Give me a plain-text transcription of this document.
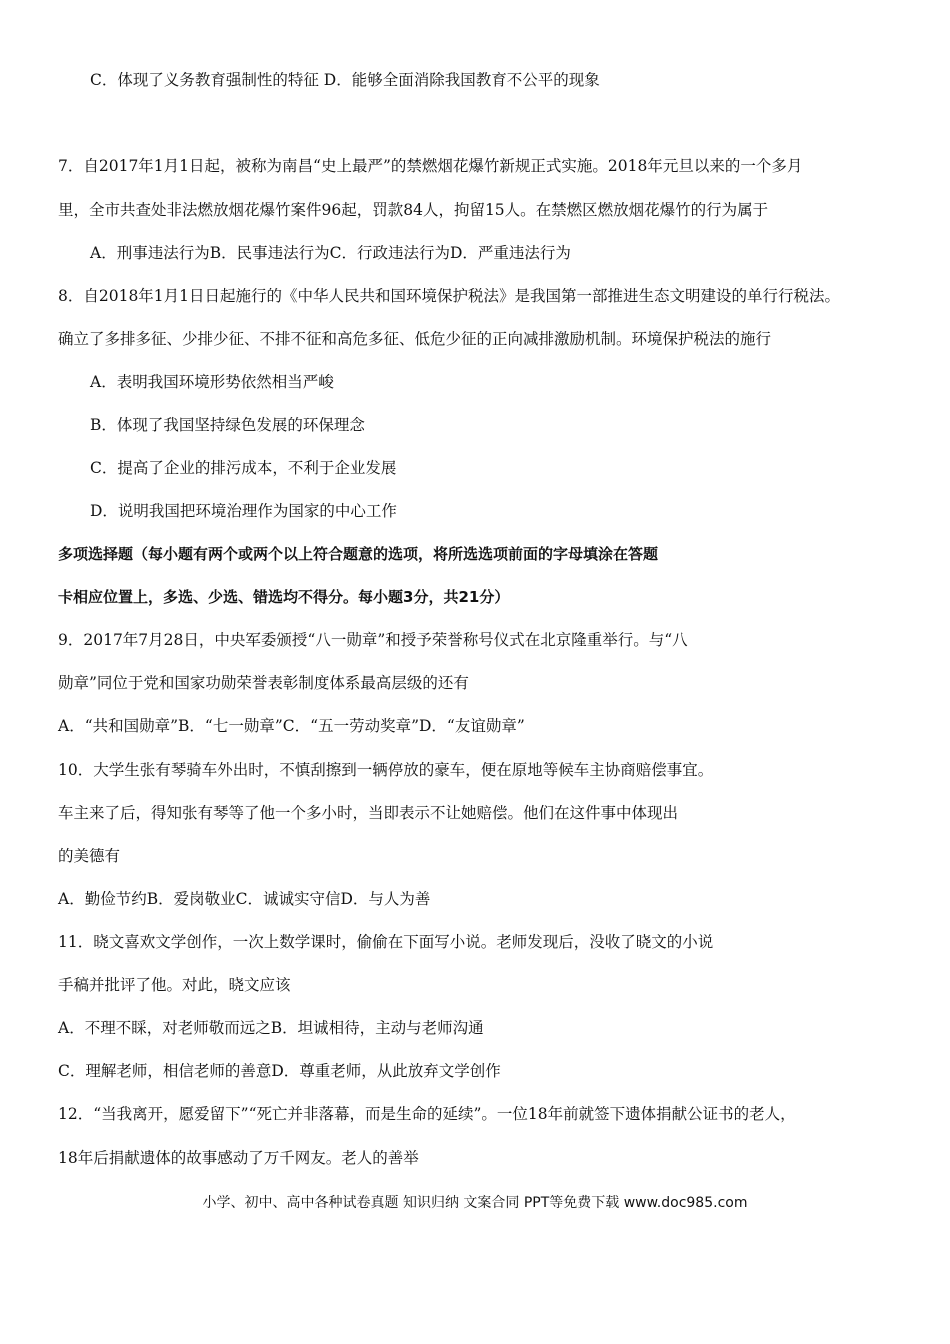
C．体现了义务教育强制性的特征 D．能够全面消除我国教育不公平的现象
7．自2017年1月1日起，被称为南昌“史上最严”的禁燃烟花爆竹新规正式实施。2018年元旦以来的一个多月
里，全市共查处非法燃放烟花爆竹案件96起，罚款84人，拘留15人。在禁燃区燃放烟花爆竹的行为属于
A．刑事违法行为B．民事违法行为C．行政违法行为D．严重违法行为
8．自2018年1月1日日起施行的《中华人民共和国环境保护税法》是我国第一部推进生态文明建设的单行行税法。
确立了多排多征、少排少征、不排不征和高危多征、低危少征的正向减排激励机制。环境保护税法的施行
A．表明我国环境形势依然相当严峻
B．体现了我国坚持绿色发展的环保理念
C．提高了企业的排污成本，不利于企业发展
D．说明我国把环境治理作为国家的中心工作
多项选择题（每小题有两个或两个以上符合题意的选项，将所选选项前面的字母填涂在答题
卡相应位置上，多选、少选、错选均不得分。每小题3分，共21分）
9．2017年7月28日，中央军委颁授“八一勋章”和授予荣誉称号仪式在北京隆重举行。与“八
勋章”同位于党和国家功勋荣誉表彰制度体系最高层级的还有
A．“共和国勋章”B．“七一勋章”C．“五一劳动奖章”D．“友谊勋章”
10．大学生张有琴骑车外出时，不慎刮擦到一辆停放的豪车，便在原地等候车主协商赔偿事宜。
车主来了后，得知张有琴等了他一个多小时，当即表示不让她赔偿。他们在这件事中体现出
的美德有
A．勤俭节约B．爱岗敬业C．诚诚实守信D．与人为善
11．晓文喜欢文学创作，一次上数学课时，偷偷在下面写小说。老师发现后，没收了晓文的小说
手稿并批评了他。对此，晓文应该
A．不理不睬，对老师敬而远之B．坦诚相待，主动与老师沟通
C．理解老师，相信老师的善意D．尊重老师，从此放弃文学创作
12．“当我离开，愿爱留下”“死亡并非落幕，而是生命的延续”。一位18年前就签下遗体捐献公证书的老人，
18年后捐献遗体的故事感动了万千网友。老人的善举
小学、初中、高中各种试卷真题 知识归纳 文案合同 PPT等免费下载 www.doc985.com
